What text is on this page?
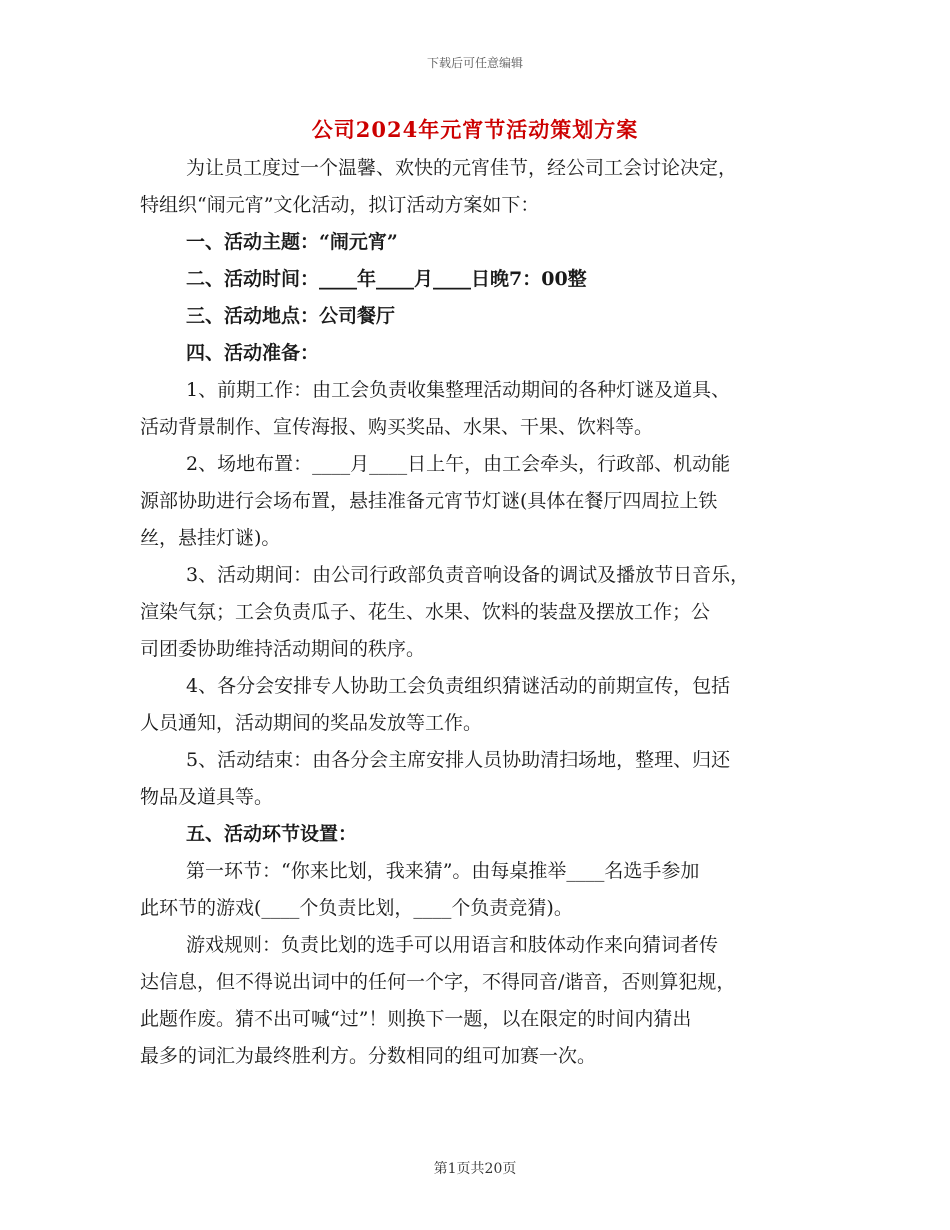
下载后可任意编辑
公司2024年元宵节活动策划方案
为让员工度过一个温馨、欢快的元宵佳节，经公司工会讨论决定，
特组织“闹元宵”文化活动，拟订活动方案如下：
一、活动主题：“闹元宵”
二、活动时间：____年____月____日晚7：00整
三、活动地点：公司餐厅
四、活动准备：
1、前期工作：由工会负责收集整理活动期间的各种灯谜及道具、
活动背景制作、宣传海报、购买奖品、水果、干果、饮料等。
2、场地布置：____月____日上午，由工会牵头，行政部、机动能
源部协助进行会场布置，悬挂准备元宵节灯谜(具体在餐厅四周拉上铁
丝，悬挂灯谜)。
3、活动期间：由公司行政部负责音响设备的调试及播放节日音乐，
渲染气氛；工会负责瓜子、花生、水果、饮料的装盘及摆放工作；公
司团委协助维持活动期间的秩序。
4、各分会安排专人协助工会负责组织猜谜活动的前期宣传，包括
人员通知，活动期间的奖品发放等工作。
5、活动结束：由各分会主席安排人员协助清扫场地，整理、归还
物品及道具等。
五、活动环节设置：
第一环节：“你来比划，我来猜”。由每桌推举____名选手参加
此环节的游戏(____个负责比划，____个负责竞猜)。
游戏规则：负责比划的选手可以用语言和肢体动作来向猜词者传
达信息，但不得说出词中的任何一个字，不得同音/谐音，否则算犯规，
此题作废。猜不出可喊“过”！则换下一题，以在限定的时间内猜出
最多的词汇为最终胜利方。分数相同的组可加赛一次。
第1页共20页
